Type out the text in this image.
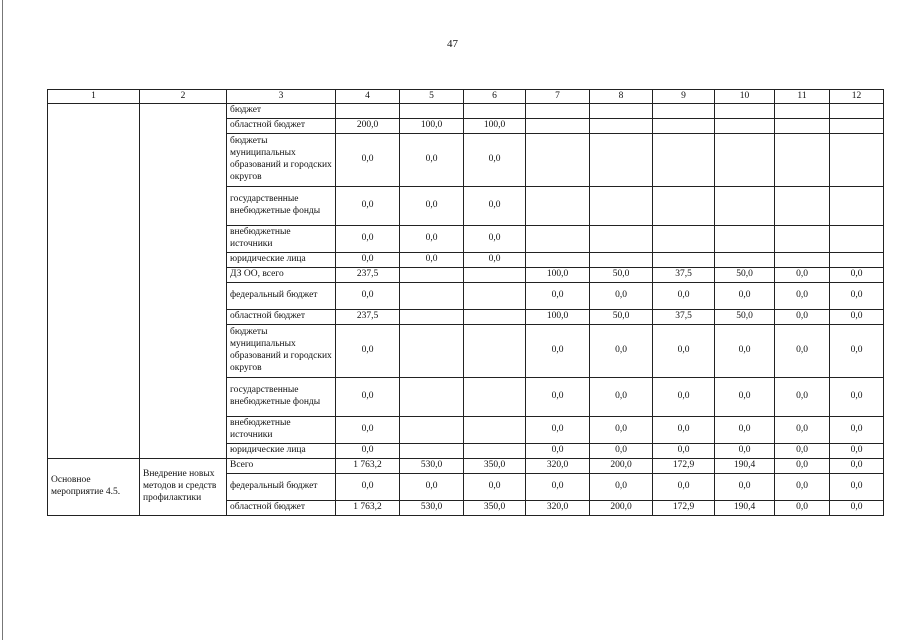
47
1	2	3	4	5	6	7	8	9	10	11	12
		бюджет									
		областной бюджет	200,0	100,0	100,0						
		бюджеты муниципальных образований и городских округов	0,0	0,0	0,0						
		государственные внебюджетные фонды	0,0	0,0	0,0						
		внебюджетные источники	0,0	0,0	0,0						
		юридические лица	0,0	0,0	0,0						
		ДЗ ОО, всего	237,5			100,0	50,0	37,5	50,0	0,0	0,0
		федеральный бюджет	0,0			0,0	0,0	0,0	0,0	0,0	0,0
		областной бюджет	237,5			100,0	50,0	37,5	50,0	0,0	0,0
		бюджеты муниципальных образований и городских округов	0,0			0,0	0,0	0,0	0,0	0,0	0,0
		государственные внебюджетные фонды	0,0			0,0	0,0	0,0	0,0	0,0	0,0
		внебюджетные источники	0,0			0,0	0,0	0,0	0,0	0,0	0,0
		юридические лица	0,0			0,0	0,0	0,0	0,0	0,0	0,0
Основное мероприятие 4.5.	Внедрение новых методов и средств профилактики	Всего	1 763,2	530,0	350,0	320,0	200,0	172,9	190,4	0,0	0,0
		федеральный бюджет	0,0	0,0	0,0	0,0	0,0	0,0	0,0	0,0	0,0
		областной бюджет	1 763,2	530,0	350,0	320,0	200,0	172,9	190,4	0,0	0,0
